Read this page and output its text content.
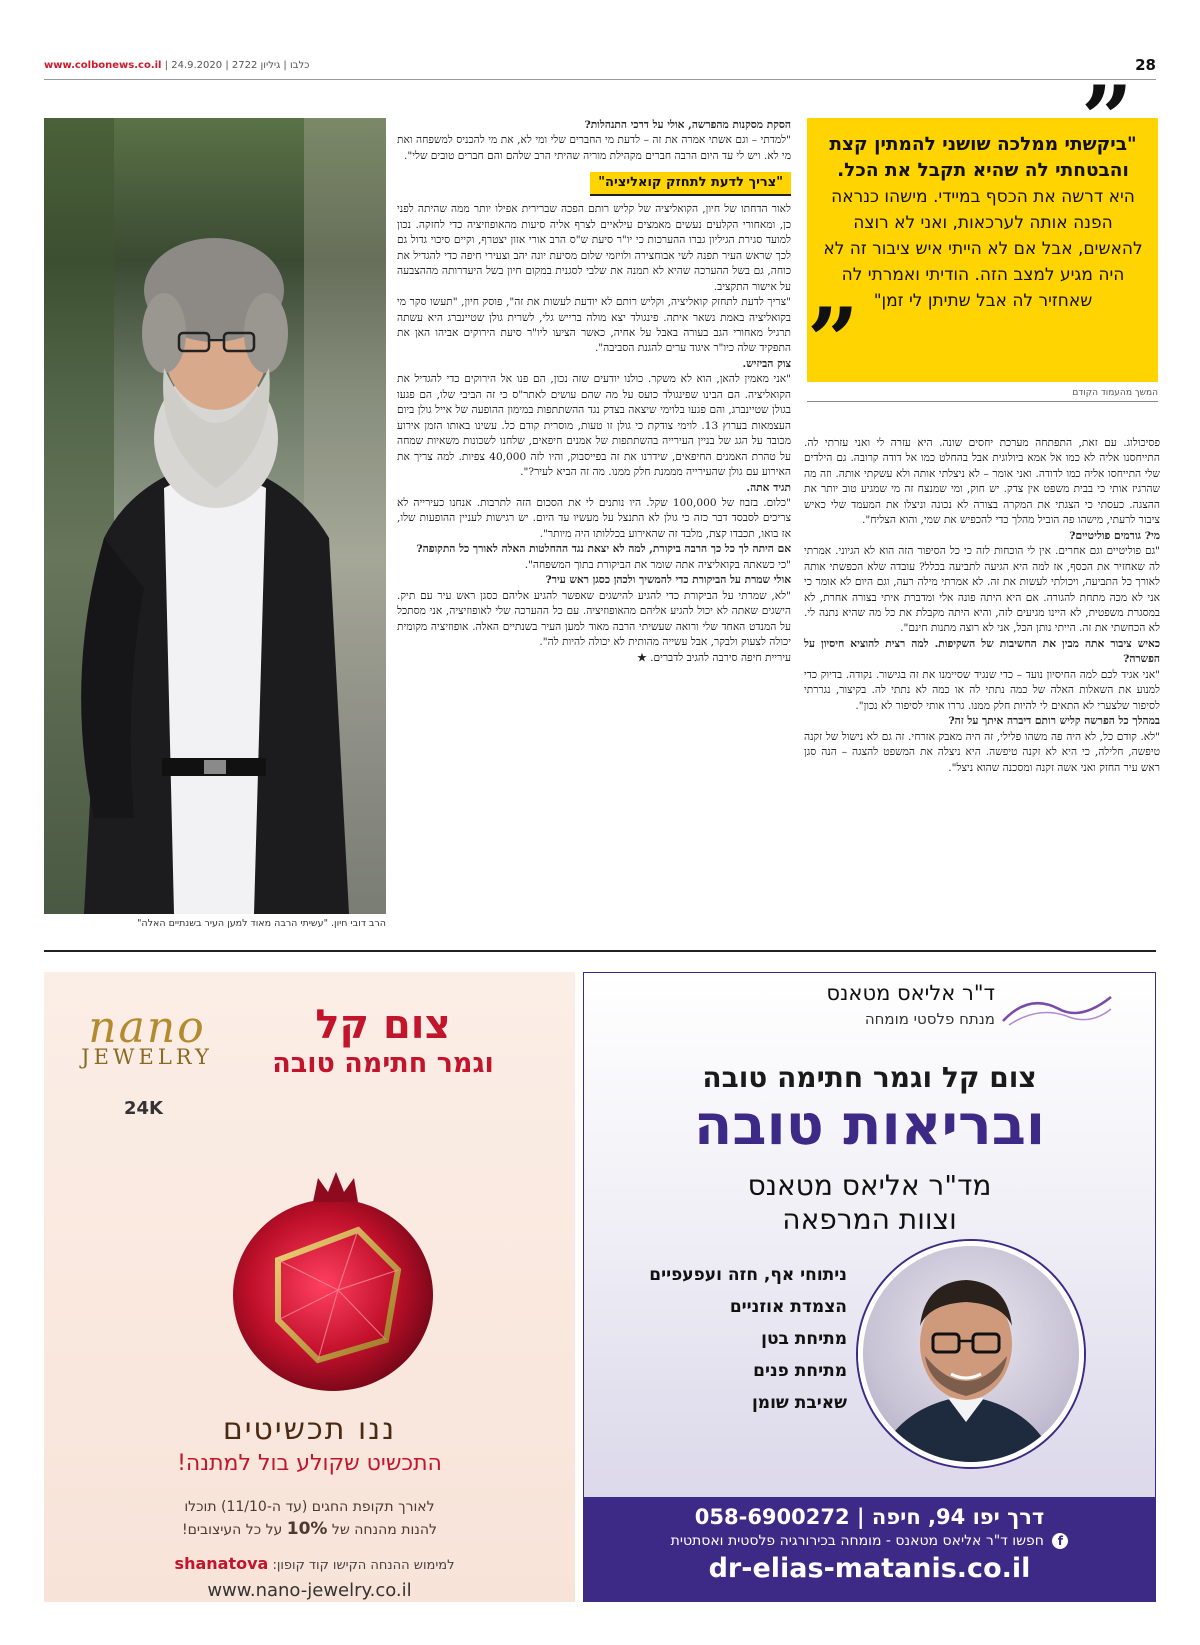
www.colbonews.co.il | כלבו | גיליון 2722 | 24.9.2020	28
הרב דובי חיון. "עשיתי הרבה מאוד למען העיר בשנתיים האלה"

הסקת מסקנות מהפרשה, אולי על דרכי התנהלות?

"למדתי – וגם אשתי אמרה את זה – לדעת מי החברים שלי ומי לא, את מי להכניס למשפחה ואת מי לא. ויש לי עד היום הרבה חברים מקהילת מוריה שהיתי הרב שלהם והם חברים טובים שלי".

"צריך לדעת לתחזק קואליציה"

לאור הדחתו של חיון, הקואליציה של קליש רותם הפכה שברירית אפילו יותר ממה שהיתה לפני כן, ומאחורי הקלעים נעשים מאמצים עילאיים לצרף אליה סיעות מהאופוזיציה כדי לחזקה. נכון למועד סגירת הגיליון גברו ההערכות כי יו"ר סיעת ש"ס הרב אורי אזון יצטרף, וקיים סיכוי גדול גם לכך שראש העיר תפנה לשי אבוחצירה ולויזמי שלום מסיעת יונה יהב וצעירי חיפה כדי להגדיל את כוחה, גם בשל ההערכה שהיא לא תמנה את שלבי לסגנית במקום חיון בשל היעדרותה מההצבעה על אישור התקציב.

"צריך לדעת לתחזק קואליציה, וקליש רותם לא יודעת לעשות את זה", פוסק חיון, "תעשו סקר מי בקואליציה באמת נשאר איתה. פינגולד יצא מולה ברייש גלי, לשרית גולן שטיינברג היא עשתה תרגיל מאחורי הגב בעורה באבל על אחיה, כאשר הציעו ליו"ר סיעת הירוקים אביהו האן את התפקיד שלה כיו"ר איגוד ערים להגנת הסביבה".

צוק הביזיש.

"אני מאמין להאן, הוא לא משקר. כולנו יודעים שזה נכון, הם פנו אל הירוקים כדי להגדיל את הקואליציה. הם הבינו שפינגולד כועס על מה שהם עושים לאתר"ס כי זה הביבי שלו, הם פגעו בגולן שטיינברג, והם פגעו בלוימי שיצאה בצדק נגד ההשתתפות במימון ההופעה של אייל גולן ביום העצמאות בערוץ 13. לוימי צודקת כי גולן זו טעות, מוסרית קודם כל. עשינו באותו הזמן אירוע מכובד על הגג של בניין העירייה בהשתתפות של אמנים חיפאים, שלחנו לשכונות משאיות שמחה על טהרת האמנים החיפאים, שידרנו את זה בפייסבוק, והיו לזה 40,000 צפיות. למה צריך את האירוע עם גולן שהעירייה מממנת חלק ממנו. מה זה הביא לעיר?".

תגיד אתה.

"כלום. בזבוז של 100,000 שקל. היו נותנים לי את הסכום הזה לתרבות. אנחנו כעירייה לא צריכים לסבסד דבר כזה כי גולן לא התנצל על מעשיו עד היום. יש רגישות לעניין ההופעות שלו, אז בואו, תכבדו קצת, מלבד זה שהאירוע בכללותו היה מיותר".

אם היתה לך כל כך הרבה ביקורת, למה לא יצאת נגד ההחלטות האלה לאורך כל התקופה?

"כי כשאתה בקואליציה אתה שומר את הביקורת בתוך המשפחה".

אולי שמרת על הביקורת כדי להמשיך ולכהן כסגן ראש עיר?

"לא, שמרתי על הביקורת כדי להגיע להישגים שאפשר להגיע אליהם כסגן ראש עיר עם תיק. הישגים שאתה לא יכול להגיע אליהם מהאופוזיציה. עם כל ההערכה שלי לאופוזיציה, אני מסתכל על המנדט האחד שלי ורואה שעשיתי הרבה מאוד למען העיר בשנתיים האלה. אופוזיציה מקומית יכולה לצעוק ולבקר, אבל עשייה מהותית לא יכולה להיות לה".

עיריית חיפה סירבה להגיב לדברים. ★

”
"ביקשתי ממלכה שושני להמתין קצת והבטחתי לה שהיא תקבל את הכל. היא דרשה את הכסף במיידי. מישהו כנראה הפנה אותה לערכאות, ואני לא רוצה להאשים, אבל אם לא הייתי איש ציבור זה לא היה מגיע למצב הזה. הודיתי ואמרתי לה שאחזיר לה אבל שתיתן לי זמן"
”	המשך מהעמוד הקודם

פסיכולוג. עם זאת, התפתחה מערכת יחסים שונה. היא עזרה לי ואני עזרתי לה. התייחסנו אליה לא כמו אל אמא ביולוגית אבל בהחלט כמו אל דודה קרובה. גם הילדים שלי התייחסו אליה כמו לדודה. ואני אומר – לא ניצלתי אותה ולא עשקתי אותה. וזה מה שהרגיז אותי כי בבית משפט אין צדק. יש חוק, ומי שמנצח זה מי שמגיע טוב יותר את ההצגה. כעסתי כי הצגתי את המקרה בצורה לא נכונה וניצלו את המעמד שלי כאיש ציבור לרעתי, מישהו פה הוביל מהלך כדי להכפיש את שמי, והוא הצליח".

מי? גורמים פוליטיים?

"גם פוליטיים וגם אחרים. אין לי הוכחות לזה כי כל הסיפור הזה הוא לא הגיוני. אמרתי לה שאחזיר את הכסף, אז למה היא הגיעה לתביעה בכלל? עובדה שלא הכפשתי אותה לאורך כל התביעה, ויכולתי לעשות את זה. לא אמרתי מילה רעה, וגם היום לא אומר כי אני לא מכה מתחת להגורה. אם היא היתה פונה אלי ומדברת איתי בצורה אחרת, לא במסגרת משפטית, לא היינו מגיעים לזה, והיא היתה מקבלת את כל מה שהיא נתנה לי. לא הכחשתי את זה. הייתי נותן הכל, אני לא רוצה מתנות חינם".

כאיש ציבור אתה מבין את החשיבות של השקיפות. למה רצית להוציא חיסיון על הפשרה?

"אני אגיד לכם למה החיסיון נועד – כדי שנגיד שסיימנו את זה בגישור. נקודה. בדיוק כדי למנוע את השאלות האלה של כמה נתתי לה או כמה לא נתתי לה. בקיצור, נגררתי לסיפור שלצערי לא התאים לי להיות חלק ממנו. גררו אותי לסיפור לא נכון".

במהלך כל הפרשה קליש רותם דיברה איתך על זה?

"לא. קודם כל, לא היה פה משהו פלילי, זה היה מאבק אזרחי. זה גם לא נישול של זקנה טיפשה, חלילה, כי היא לא זקנה טיפשה. היא ניצלה את המשפט להצגה – הנה סגן ראש עיר החזק ואני אשה זקנה ומסכנה שהוא ניצל".

nano
JEWELRY
24K
צום קל
וגמר חתימה טובה
ננו תכשיטים
התכשיט שקולע בול למתנה!
לאורך תקופת החגים (עד ה-11/10) תוכלו
להנות מהנחה של 10% על כל העיצובים!
למימוש ההנחה הקישו קוד קופון: shanatova
www.nano-jewelry.co.il
ד"ר אליאס מטאנס
מנתח פלסטי מומחה
צום קל וגמר חתימה טובה
ובריאות טובה
מד"ר אליאס מטאנס
וצוות המרפאה
ניתוחי אף, חזה ועפעפיים
הצמדת אוזניים
מתיחת בטן
מתיחת פנים
שאיבת שומן
דרך יפו 94, חיפה | 058-6900272
f חפשו ד"ר אליאס מטאנס - מומחה בכירורגיה פלסטית ואסתטית
dr-elias-matanis.co.il
